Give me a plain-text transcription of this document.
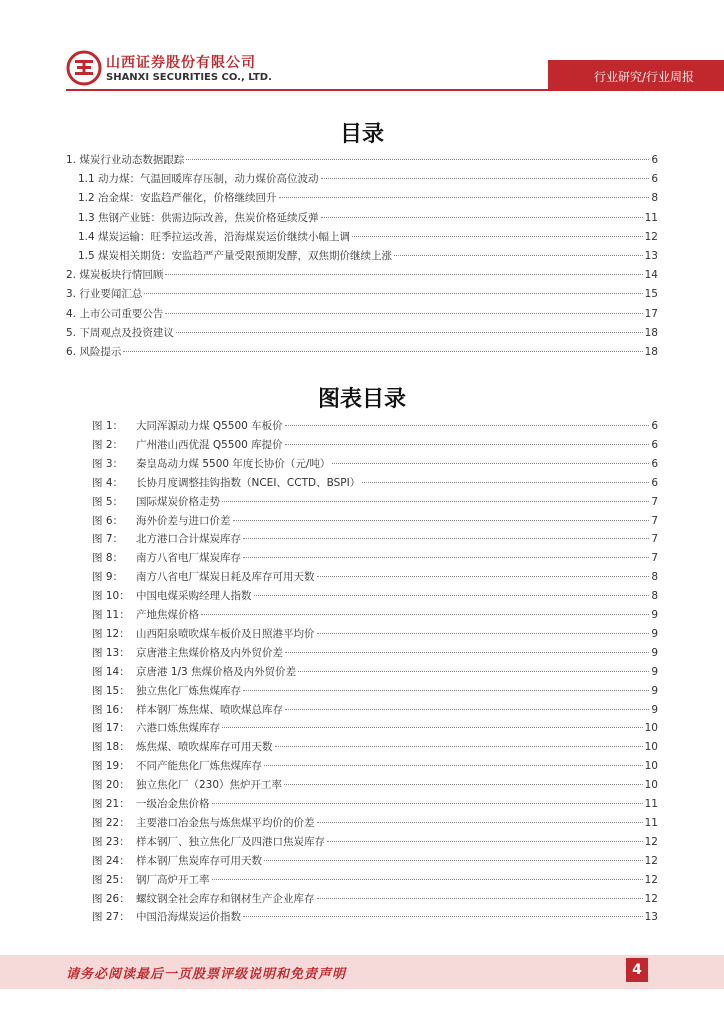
山西证券股份有限公司
SHANXI SECURITIES CO., LTD.	行业研究/行业周报
目录
1. 煤炭行业动态数据跟踪	6
1.1 动力煤：气温回暖库存压制，动力煤价高位波动	6
1.2 冶金煤：安监趋严催化，价格继续回升	8
1.3 焦钢产业链：供需边际改善，焦炭价格延续反弹	11
1.4 煤炭运输：旺季拉运改善，沿海煤炭运价继续小幅上调	12
1.5 煤炭相关期货：安监趋严产量受限预期发酵，双焦期价继续上涨	13
2. 煤炭板块行情回顾	14
3. 行业要闻汇总	15
4. 上市公司重要公告	17
5. 下周观点及投资建议	18
6. 风险提示	18
图表目录
图 1：	大同浑源动力煤 Q5500 车板价	6
图 2：	广州港山西优混 Q5500 库提价	6
图 3：	秦皇岛动力煤 5500 年度长协价（元/吨）	6
图 4：	长协月度调整挂钩指数（NCEI、CCTD、BSPI）	6
图 5：	国际煤炭价格走势	7
图 6：	海外价差与进口价差	7
图 7：	北方港口合计煤炭库存	7
图 8：	南方八省电厂煤炭库存	7
图 9：	南方八省电厂煤炭日耗及库存可用天数	8
图 10： 中国电煤采购经理人指数	8
图 11： 产地焦煤价格	9
图 12： 山西阳泉喷吹煤车板价及日照港平均价	9
图 13： 京唐港主焦煤价格及内外贸价差	9
图 14： 京唐港 1/3 焦煤价格及内外贸价差	9
图 15： 独立焦化厂炼焦煤库存	9
图 16： 样本钢厂炼焦煤、喷吹煤总库存	9
图 17： 六港口炼焦煤库存	10
图 18： 炼焦煤、喷吹煤库存可用天数	10
图 19： 不同产能焦化厂炼焦煤库存	10
图 20： 独立焦化厂（230）焦炉开工率	10
图 21： 一级冶金焦价格	11
图 22： 主要港口冶金焦与炼焦煤平均价的价差	11
图 23： 样本钢厂、独立焦化厂及四港口焦炭库存	12
图 24： 样本钢厂焦炭库存可用天数	12
图 25： 钢厂高炉开工率	12
图 26： 螺纹钢全社会库存和钢材生产企业库存	12
图 27： 中国沿海煤炭运价指数	13
请务必阅读最后一页股票评级说明和免责声明	4
